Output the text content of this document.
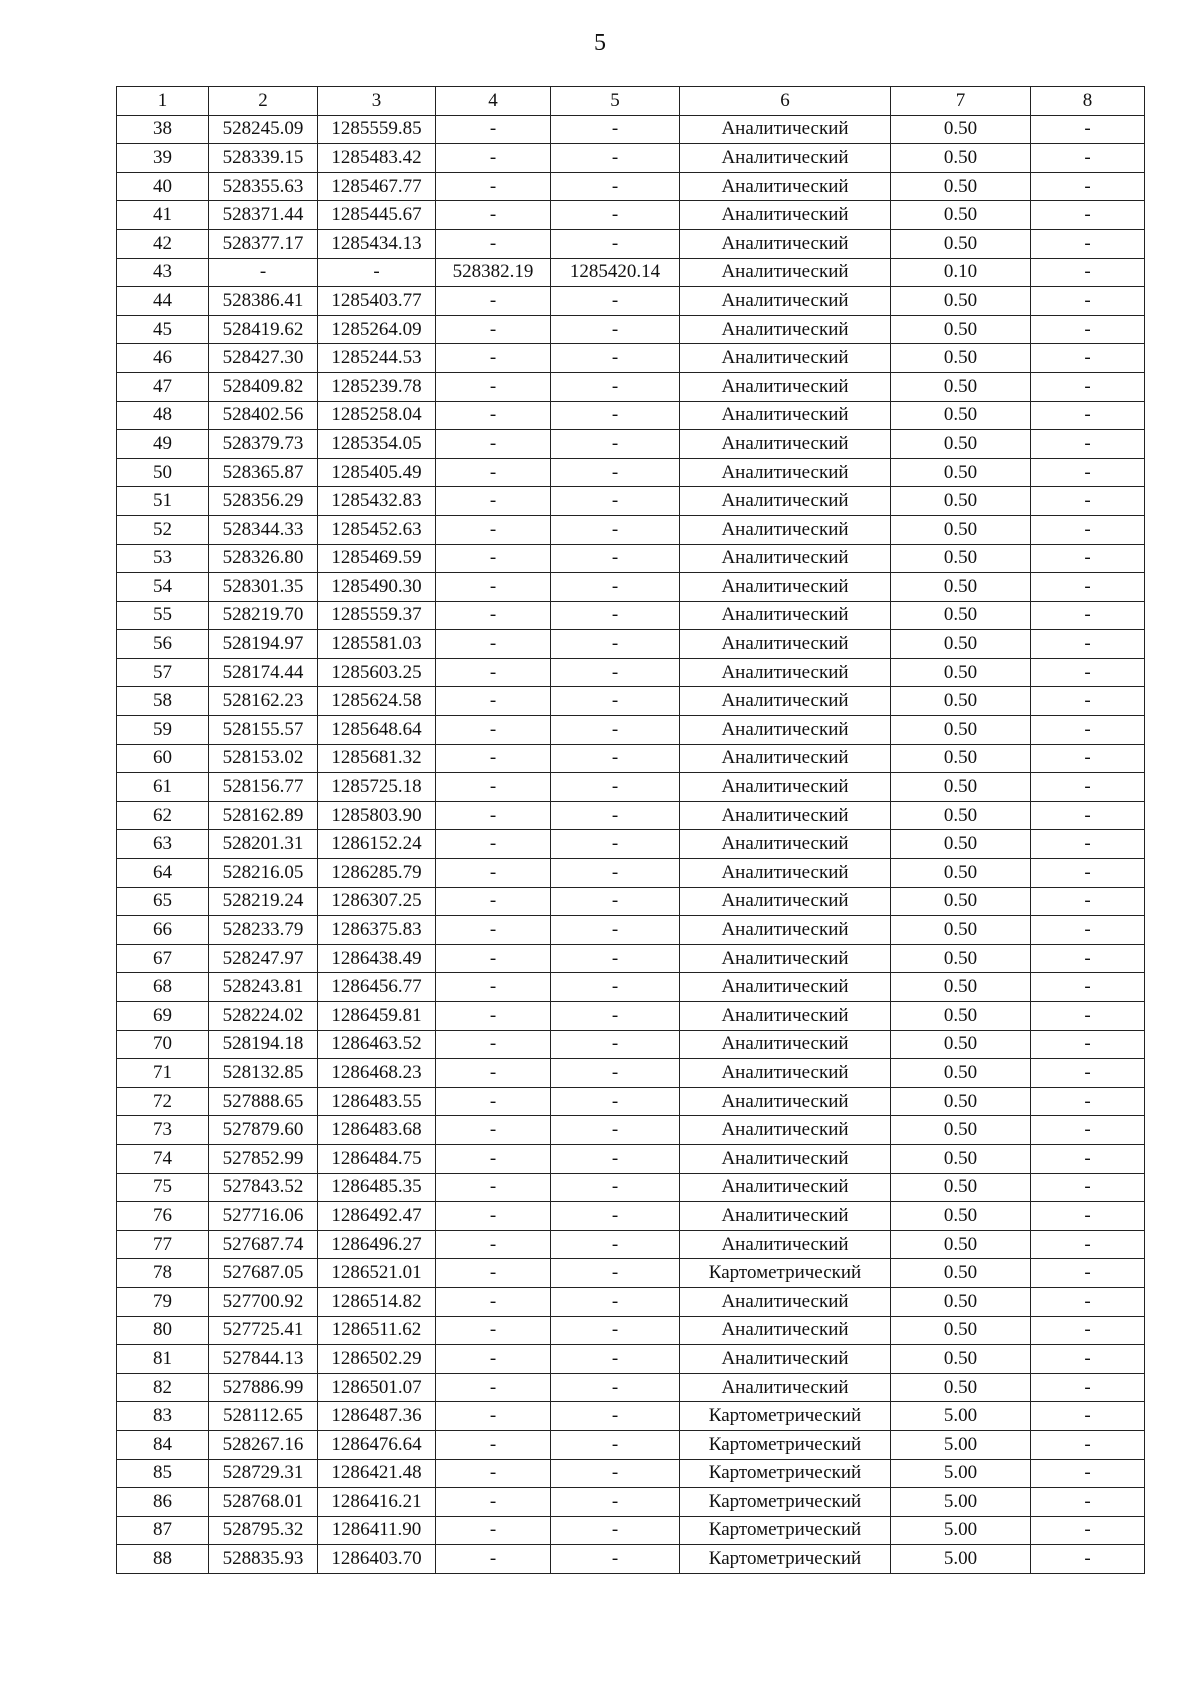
5
1	2	3	4	5	6	7	8
38	528245.09	1285559.85	-	-	Аналитический	0.50	-
39	528339.15	1285483.42	-	-	Аналитический	0.50	-
40	528355.63	1285467.77	-	-	Аналитический	0.50	-
41	528371.44	1285445.67	-	-	Аналитический	0.50	-
42	528377.17	1285434.13	-	-	Аналитический	0.50	-
43	-	-	528382.19	1285420.14	Аналитический	0.10	-
44	528386.41	1285403.77	-	-	Аналитический	0.50	-
45	528419.62	1285264.09	-	-	Аналитический	0.50	-
46	528427.30	1285244.53	-	-	Аналитический	0.50	-
47	528409.82	1285239.78	-	-	Аналитический	0.50	-
48	528402.56	1285258.04	-	-	Аналитический	0.50	-
49	528379.73	1285354.05	-	-	Аналитический	0.50	-
50	528365.87	1285405.49	-	-	Аналитический	0.50	-
51	528356.29	1285432.83	-	-	Аналитический	0.50	-
52	528344.33	1285452.63	-	-	Аналитический	0.50	-
53	528326.80	1285469.59	-	-	Аналитический	0.50	-
54	528301.35	1285490.30	-	-	Аналитический	0.50	-
55	528219.70	1285559.37	-	-	Аналитический	0.50	-
56	528194.97	1285581.03	-	-	Аналитический	0.50	-
57	528174.44	1285603.25	-	-	Аналитический	0.50	-
58	528162.23	1285624.58	-	-	Аналитический	0.50	-
59	528155.57	1285648.64	-	-	Аналитический	0.50	-
60	528153.02	1285681.32	-	-	Аналитический	0.50	-
61	528156.77	1285725.18	-	-	Аналитический	0.50	-
62	528162.89	1285803.90	-	-	Аналитический	0.50	-
63	528201.31	1286152.24	-	-	Аналитический	0.50	-
64	528216.05	1286285.79	-	-	Аналитический	0.50	-
65	528219.24	1286307.25	-	-	Аналитический	0.50	-
66	528233.79	1286375.83	-	-	Аналитический	0.50	-
67	528247.97	1286438.49	-	-	Аналитический	0.50	-
68	528243.81	1286456.77	-	-	Аналитический	0.50	-
69	528224.02	1286459.81	-	-	Аналитический	0.50	-
70	528194.18	1286463.52	-	-	Аналитический	0.50	-
71	528132.85	1286468.23	-	-	Аналитический	0.50	-
72	527888.65	1286483.55	-	-	Аналитический	0.50	-
73	527879.60	1286483.68	-	-	Аналитический	0.50	-
74	527852.99	1286484.75	-	-	Аналитический	0.50	-
75	527843.52	1286485.35	-	-	Аналитический	0.50	-
76	527716.06	1286492.47	-	-	Аналитический	0.50	-
77	527687.74	1286496.27	-	-	Аналитический	0.50	-
78	527687.05	1286521.01	-	-	Картометрический	0.50	-
79	527700.92	1286514.82	-	-	Аналитический	0.50	-
80	527725.41	1286511.62	-	-	Аналитический	0.50	-
81	527844.13	1286502.29	-	-	Аналитический	0.50	-
82	527886.99	1286501.07	-	-	Аналитический	0.50	-
83	528112.65	1286487.36	-	-	Картометрический	5.00	-
84	528267.16	1286476.64	-	-	Картометрический	5.00	-
85	528729.31	1286421.48	-	-	Картометрический	5.00	-
86	528768.01	1286416.21	-	-	Картометрический	5.00	-
87	528795.32	1286411.90	-	-	Картометрический	5.00	-
88	528835.93	1286403.70	-	-	Картометрический	5.00	-
